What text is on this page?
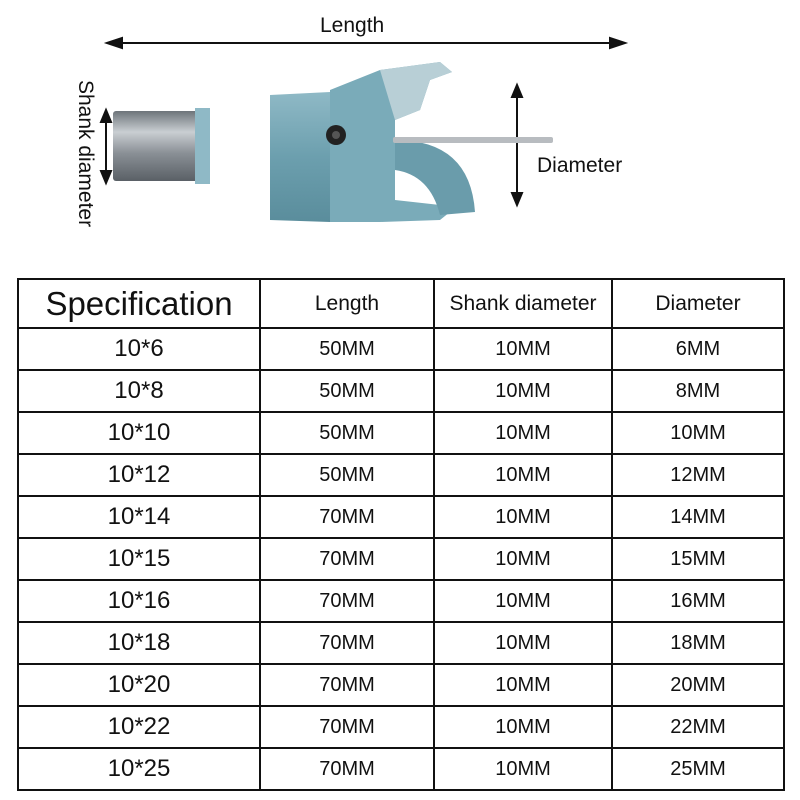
Length
Diameter
Shank diameter
Specification	Length	Shank diameter	Diameter
10*6	50MM	10MM	6MM
10*8	50MM	10MM	8MM
10*10	50MM	10MM	10MM
10*12	50MM	10MM	12MM
10*14	70MM	10MM	14MM
10*15	70MM	10MM	15MM
10*16	70MM	10MM	16MM
10*18	70MM	10MM	18MM
10*20	70MM	10MM	20MM
10*22	70MM	10MM	22MM
10*25	70MM	10MM	25MM
